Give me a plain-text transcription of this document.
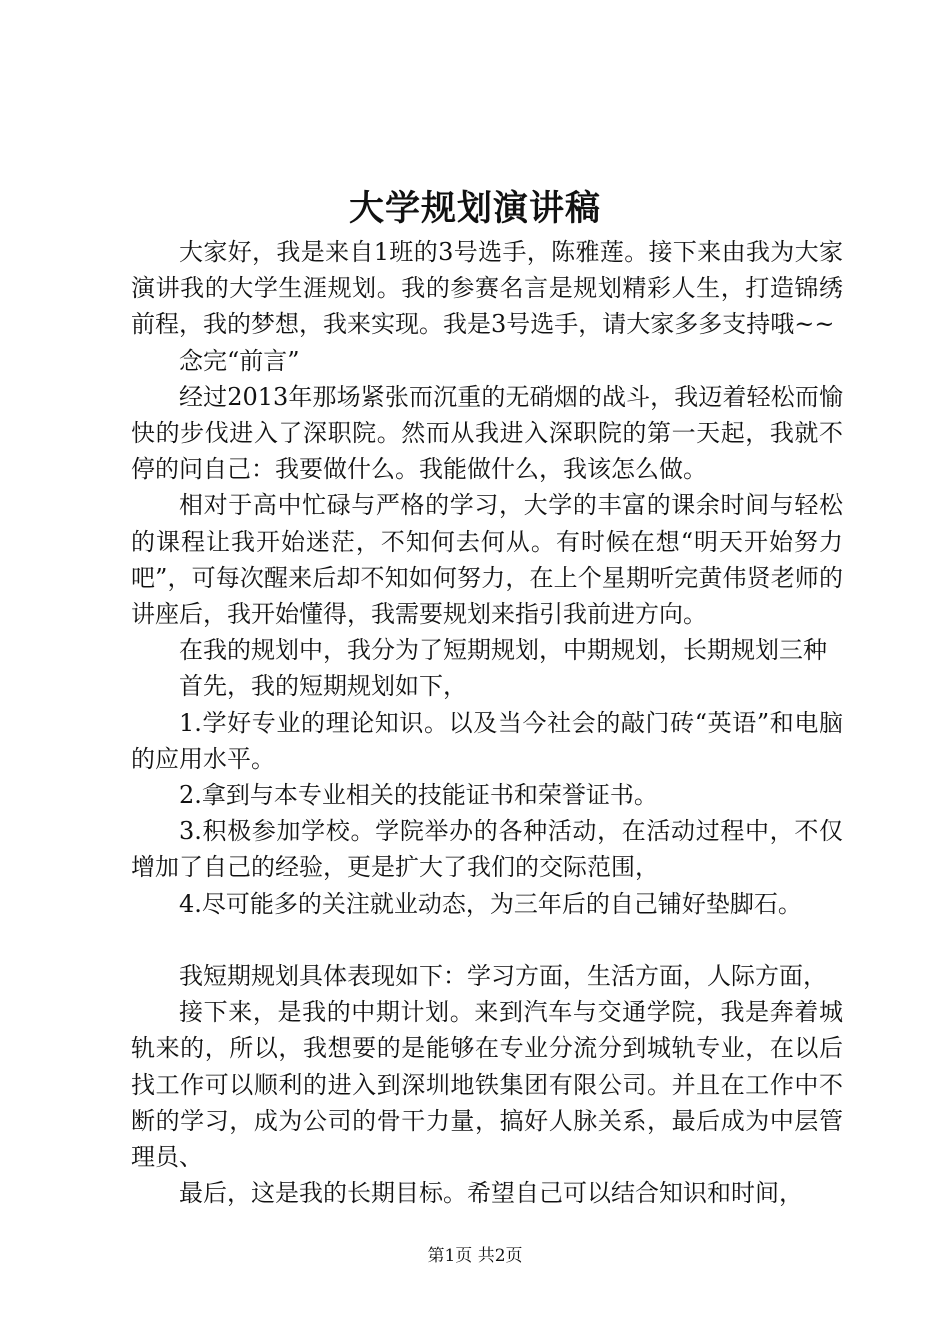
大学规划演讲稿

大家好，我是来自1班的3号选手，陈雅莲。接下来由我为大家演讲我的大学生涯规划。我的参赛名言是规划精彩人生，打造锦绣前程，我的梦想，我来实现。我是3号选手，请大家多多支持哦~~

念完“前言”

经过2013年那场紧张而沉重的无硝烟的战斗，我迈着轻松而愉快的步伐进入了深职院。然而从我进入深职院的第一天起，我就不停的问自己：我要做什么。我能做什么，我该怎么做。

相对于高中忙碌与严格的学习，大学的丰富的课余时间与轻松的课程让我开始迷茫，不知何去何从。有时候在想“明天开始努力吧”，可每次醒来后却不知如何努力，在上个星期听完黄伟贤老师的讲座后，我开始懂得，我需要规划来指引我前进方向。

在我的规划中，我分为了短期规划，中期规划，长期规划三种

首先，我的短期规划如下，

1.学好专业的理论知识。以及当今社会的敲门砖“英语”和电脑的应用水平。

2.拿到与本专业相关的技能证书和荣誉证书。

3.积极参加学校。学院举办的各种活动，在活动过程中，不仅增加了自己的经验，更是扩大了我们的交际范围，

4.尽可能多的关注就业动态，为三年后的自己铺好垫脚石。

我短期规划具体表现如下：学习方面，生活方面，人际方面，

接下来，是我的中期计划。来到汽车与交通学院，我是奔着城轨来的，所以，我想要的是能够在专业分流分到城轨专业，在以后找工作可以顺利的进入到深圳地铁集团有限公司。并且在工作中不断的学习，成为公司的骨干力量，搞好人脉关系，最后成为中层管理员、

最后，这是我的长期目标。希望自己可以结合知识和时间，

第1页 共2页
